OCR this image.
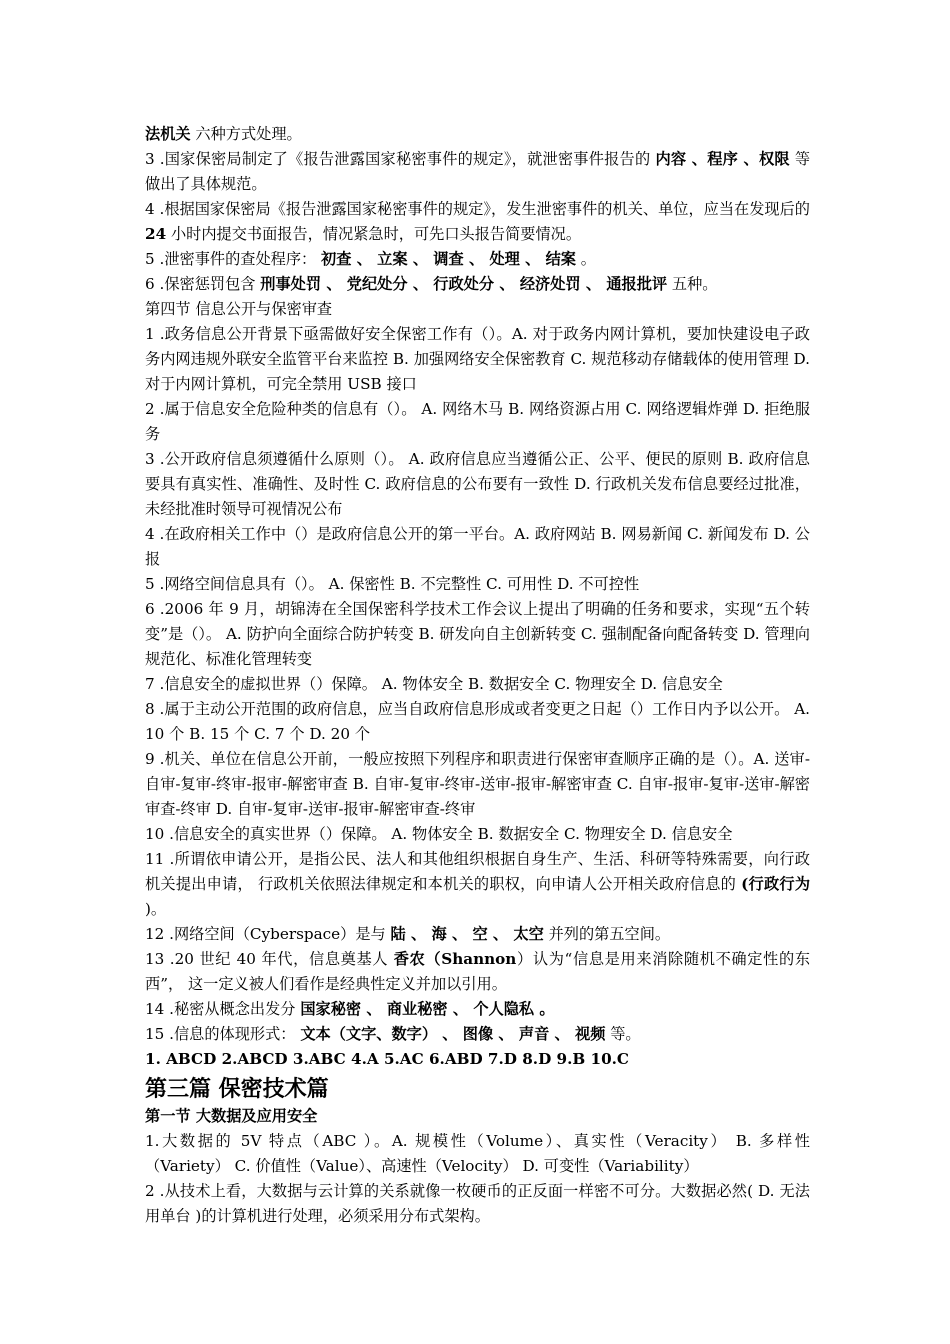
法机关 六种方式处理。

3 .国家保密局制定了《报告泄露国家秘密事件的规定》，就泄密事件报告的 内容 、程序 、权限 等做出了具体规范。

4 .根据国家保密局《报告泄露国家秘密事件的规定》，发生泄密事件的机关、单位，应当在发现后的 24 小时内提交书面报告，情况紧急时，可先口头报告简要情况。

5 .泄密事件的查处程序： 初查 、 立案 、 调查 、 处理 、 结案 。

6 .保密惩罚包含 刑事处罚 、 党纪处分 、 行政处分 、 经济处罚 、 通报批评 五种。

第四节 信息公开与保密审查

1 .政务信息公开背景下亟需做好安全保密工作有（）。A. 对于政务内网计算机，要加快建设电子政务内网违规外联安全监管平台来监控 B. 加强网络安全保密教育 C. 规范移动存储载体的使用管理 D. 对于内网计算机，可完全禁用 USB 接口

2 .属于信息安全危险种类的信息有（）。 A. 网络木马 B. 网络资源占用 C. 网络逻辑炸弹 D. 拒绝服务

3 .公开政府信息须遵循什么原则（）。 A. 政府信息应当遵循公正、公平、便民的原则 B. 政府信息要具有真实性、准确性、及时性 C. 政府信息的公布要有一致性 D. 行政机关发布信息要经过批准，未经批准时领导可视情况公布

4 .在政府相关工作中（）是政府信息公开的第一平台。A. 政府网站 B. 网易新闻 C. 新闻发布 D. 公报

5 .网络空间信息具有（）。 A. 保密性 B. 不完整性 C. 可用性 D. 不可控性

6 .2006 年 9 月，胡锦涛在全国保密科学技术工作会议上提出了明确的任务和要求，实现“五个转变”是（）。 A. 防护向全面综合防护转变 B. 研发向自主创新转变 C. 强制配备向配备转变 D. 管理向规范化、标准化管理转变

7 .信息安全的虚拟世界（）保障。 A. 物体安全 B. 数据安全 C. 物理安全 D. 信息安全

8 .属于主动公开范围的政府信息，应当自政府信息形成或者变更之日起（）工作日内予以公开。 A. 10 个 B. 15 个 C. 7 个 D. 20 个

9 .机关、单位在信息公开前，一般应按照下列程序和职责进行保密审查顺序正确的是（）。A. 送审-自审-复审-终审-报审-解密审查 B. 自审-复审-终审-送审-报审-解密审查 C. 自审-报审-复审-送审-解密审查-终审 D. 自审-复审-送审-报审-解密审查-终审

10 .信息安全的真实世界（）保障。 A. 物体安全 B. 数据安全 C. 物理安全 D. 信息安全

11 .所谓依申请公开，是指公民、法人和其他组织根据自身生产、生活、科研等特殊需要，向行政机关提出申请， 行政机关依照法律规定和本机关的职权，向申请人公开相关政府信息的 (行政行为 )。

12 .网络空间（Cyberspace）是与 陆 、 海 、 空 、 太空 并列的第五空间。

13 .20 世纪 40 年代，信息奠基人 香农（Shannon）认为“信息是用来消除随机不确定性的东西”， 这一定义被人们看作是经典性定义并加以引用。

14 .秘密从概念出发分 国家秘密 、 商业秘密 、 个人隐私 。

15 .信息的体现形式： 文本（文字、数字） 、 图像 、 声音 、 视频 等。

1. ABCD 2.ABCD 3.ABC 4.A 5.AC 6.ABD 7.D 8.D 9.B 10.C

第三篇 保密技术篇

第一节 大数据及应用安全

1.大数据的 5V 特点（ABC ）。A. 规模性（Volume）、真实性（Veracity） B. 多样性（Variety） C. 价值性（Value）、高速性（Velocity） D. 可变性（Variability）

2 .从技术上看，大数据与云计算的关系就像一枚硬币的正反面一样密不可分。大数据必然( D. 无法用单台 )的计算机进行处理，必须采用分布式架构。
